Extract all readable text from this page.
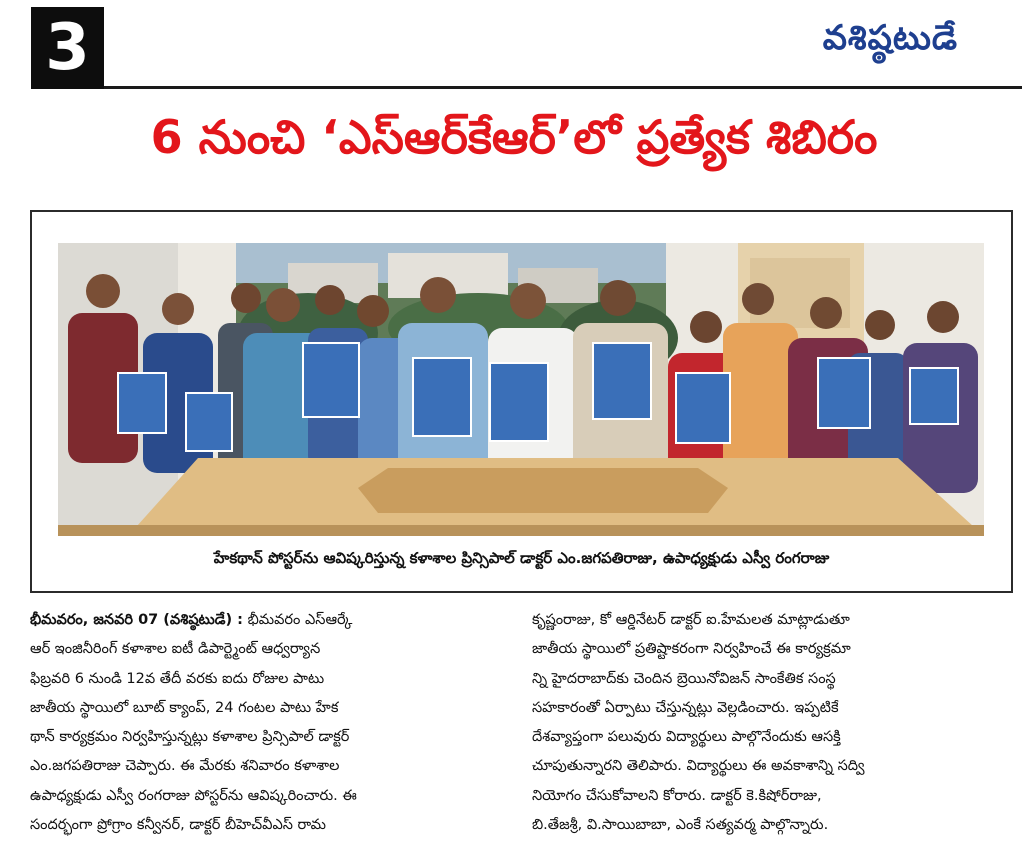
3	వశిష్ఠటుడే
6 నుంచి ‘ఎస్‌ఆర్‌కేఆర్’లో ప్రత్యేక శిబిరం
హేకథాన్ పోస్టర్‌ను ఆవిష్కరిస్తున్న కళాశాల ప్రిన్సిపాల్ డాక్టర్ ఎం.జగపతిరాజు, ఉపాధ్యక్షుడు ఎస్వీ రంగరాజు
భీమవరం, జనవరి 07 (వశిష్ఠటుడే) : భీమవరం ఎస్ఆర్కే
ఆర్ ఇంజినీరింగ్ కళాశాల ఐటీ డిపార్ట్మెంట్ ఆధ్వర్యాన
ఫిబ్రవరి 6 నుండి 12వ తేదీ వరకు ఐదు రోజుల పాటు
జాతీయ స్థాయిలో బూట్ క్యాంప్, 24 గంటల పాటు హేక
థాన్ కార్యక్రమం నిర్వహిస్తున్నట్లు కళాశాల ప్రిన్సిపాల్ డాక్టర్
ఎం.జగపతిరాజు చెప్పారు. ఈ మేరకు శనివారం కళాశాల
ఉపాధ్యక్షుడు ఎస్వీ రంగరాజు పోస్టర్‌ను ఆవిష్కరించారు. ఈ
సందర్భంగా ప్రోగ్రాం కన్వీనర్, డాక్టర్ బీహెచ్‌వీఎస్ రామ
కృష్ణంరాజు, కో ఆర్డినేటర్ డాక్టర్ ఐ.హేమలత మాట్లాడుతూ
జాతీయ స్థాయిలో ప్రతిష్టాకరంగా నిర్వహించే ఈ కార్యక్రమా
న్ని హైదరాబాద్‌కు చెందిన బ్రెయినోవిజన్ సాంకేతిక సంస్థ
సహకారంతో ఏర్పాటు చేస్తున్నట్లు వెల్లడించారు. ఇప్పటికే
దేశవ్యాప్తంగా పలువురు విద్యార్థులు పాల్గొనేందుకు ఆసక్తి
చూపుతున్నారని తెలిపారు. విద్యార్థులు ఈ అవకాశాన్ని సద్వి
నియోగం చేసుకోవాలని కోరారు. డాక్టర్ కె.కిషోర్‌రాజు,
బి.తేజశ్రీ, వి.సాయిబాబా, ఎంకే సత్యవర్మ పాల్గొన్నారు.
